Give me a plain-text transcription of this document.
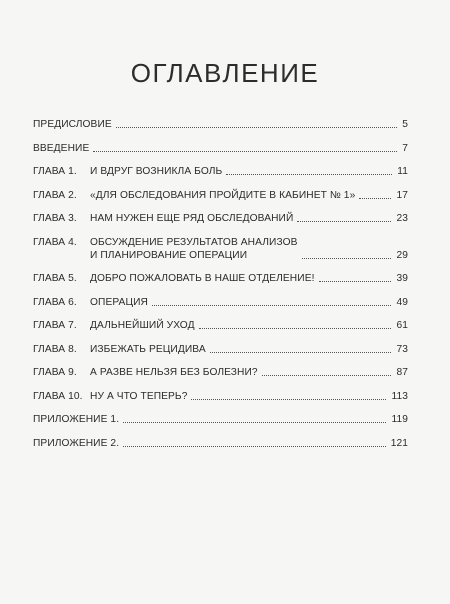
ОГЛАВЛЕНИЕ
ПРЕДИСЛОВИЕ	5
ВВЕДЕНИЕ	7
ГЛАВА 1.	И ВДРУГ ВОЗНИКЛА БОЛЬ	11
ГЛАВА 2.	«ДЛЯ ОБСЛЕДОВАНИЯ ПРОЙДИТЕ В КАБИНЕТ № 1»	17
ГЛАВА 3.	НАМ НУЖЕН ЕЩЕ РЯД ОБСЛЕДОВАНИЙ	23
ГЛАВА 4.	ОБСУЖДЕНИЕ РЕЗУЛЬТАТОВ АНАЛИЗОВ
И ПЛАНИРОВАНИЕ ОПЕРАЦИИ	29
ГЛАВА 5.	ДОБРО ПОЖАЛОВАТЬ В НАШЕ ОТДЕЛЕНИЕ!	39
ГЛАВА 6.	ОПЕРАЦИЯ	49
ГЛАВА 7.	ДАЛЬНЕЙШИЙ УХОД	61
ГЛАВА 8.	ИЗБЕЖАТЬ РЕЦИДИВА	73
ГЛАВА 9.	А РАЗВЕ НЕЛЬЗЯ БЕЗ БОЛЕЗНИ?	87
ГЛАВА 10. НУ А ЧТО ТЕПЕРЬ?	113
ПРИЛОЖЕНИЕ 1.	119
ПРИЛОЖЕНИЕ 2.	121
